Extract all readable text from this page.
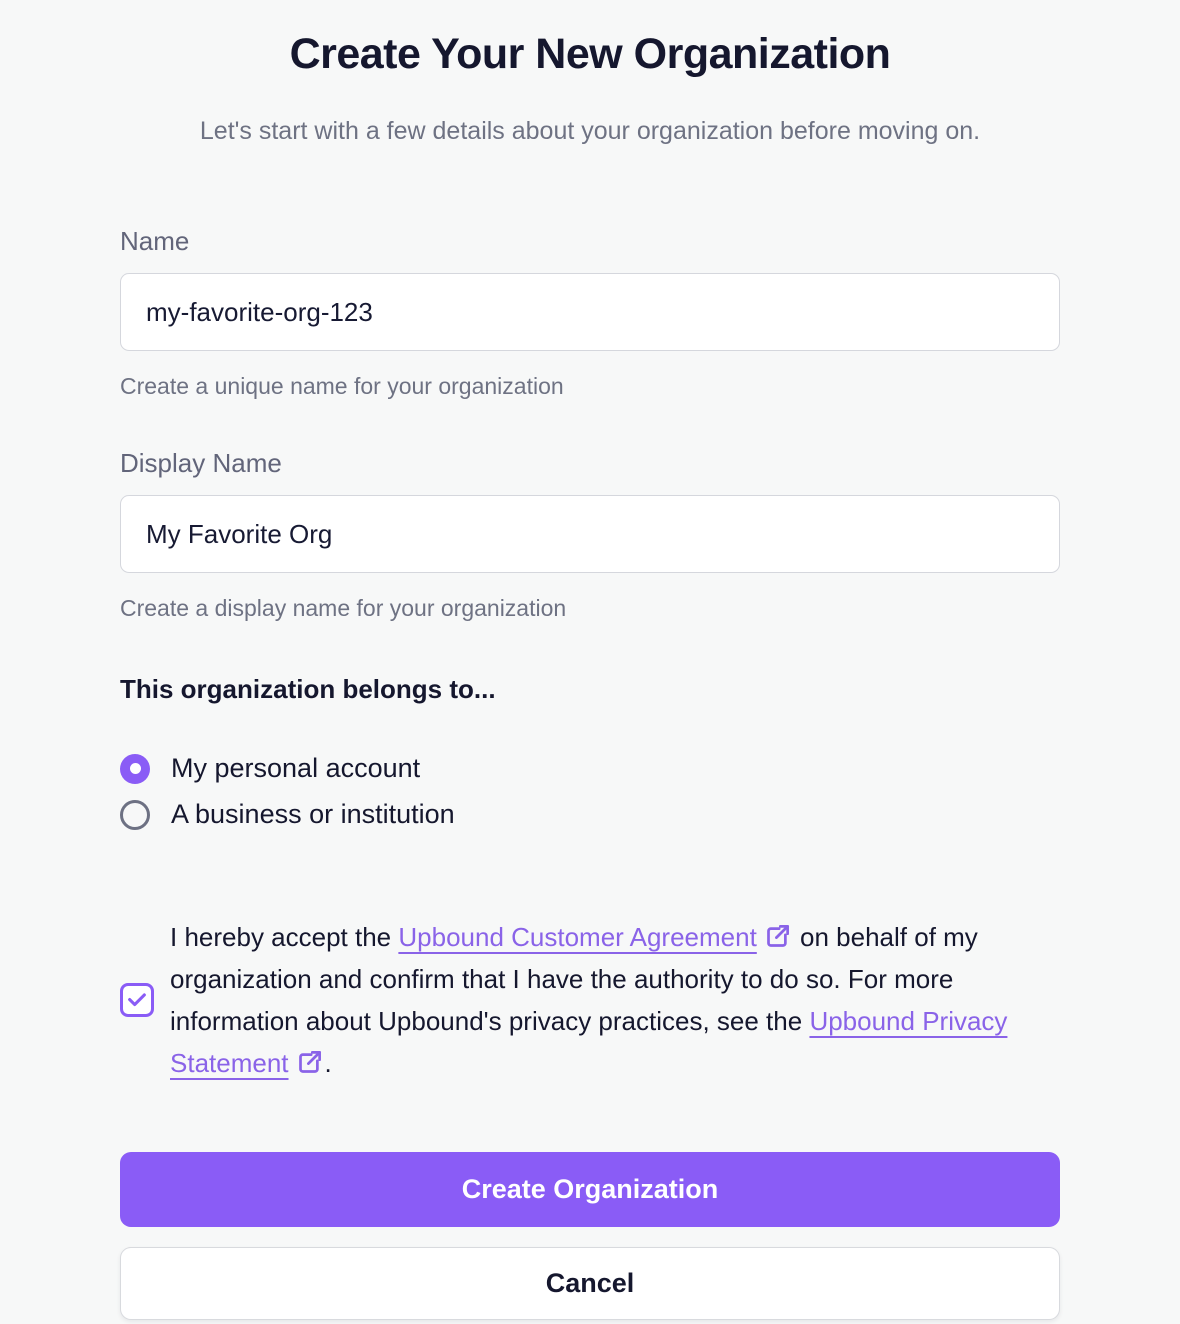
Create Your New Organization

Let's start with a few details about your organization before moving on.

Name
my-favorite-org-123

Create a unique name for your organization

Display Name
My Favorite Org

Create a display name for your organization

This organization belongs to...
My personal account
A business or institution

I hereby accept the Upbound Customer Agreement on behalf of my organization and confirm that I have the authority to do so. For more information about Upbound's privacy practices, see the Upbound Privacy Statement .

Create Organization
Cancel
